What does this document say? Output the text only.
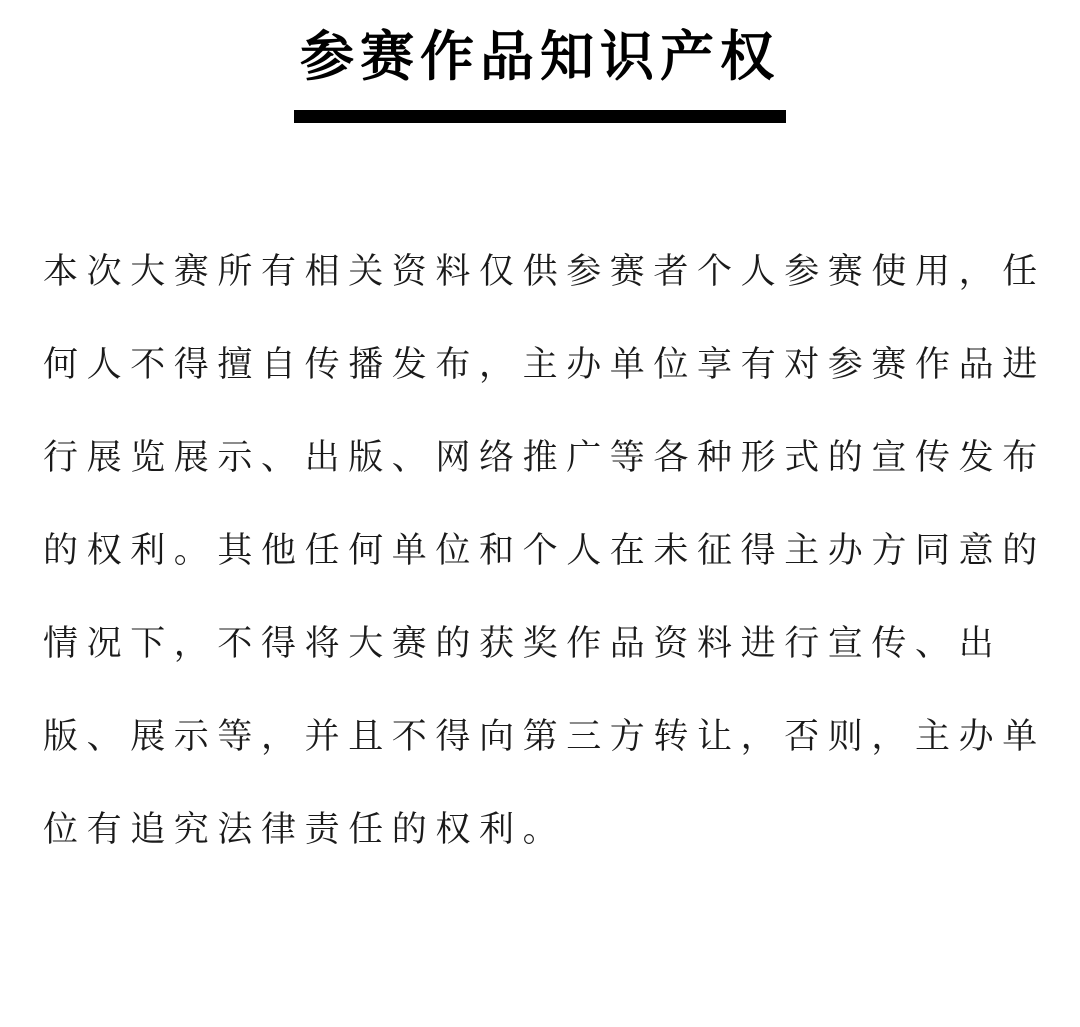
参赛作品知识产权
本次大赛所有相关资料仅供参赛者个人参赛使用，任
何人不得擅自传播发布，主办单位享有对参赛作品进
行展览展示、出版、网络推广等各种形式的宣传发布
的权利。其他任何单位和个人在未征得主办方同意的
情况下，不得将大赛的获奖作品资料进行宣传、出
版、展示等，并且不得向第三方转让，否则，主办单
位有追究法律责任的权利。
